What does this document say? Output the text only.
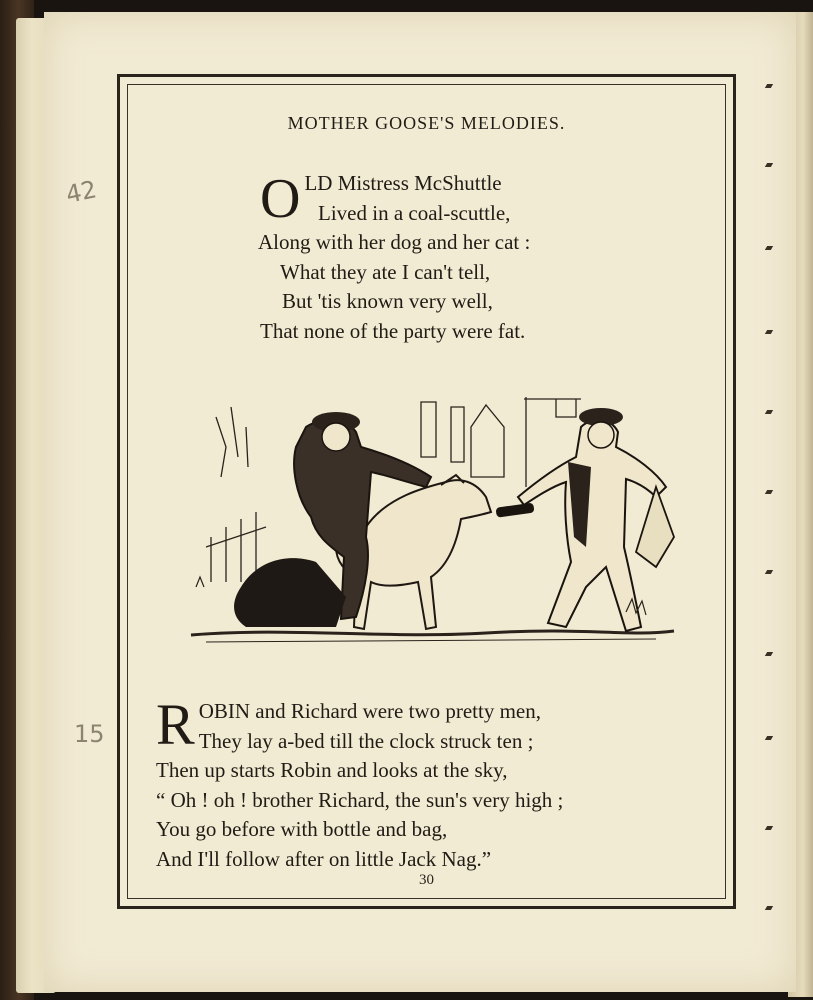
42
15
MOTHER GOOSE'S MELODIES.
OLD Mistress McShuttle
Lived in a coal-scuttle,
Along with her dog and her cat :
What they ate I can't tell,
But 'tis known very well,
That none of the party were fat.
ROBIN and Richard were two pretty men,
They lay a-bed till the clock struck ten ;
Then up starts Robin and looks at the sky,
“ Oh ! oh ! brother Richard, the sun's very high ;
You go before with bottle and bag,
And I'll follow after on little Jack Nag.”
30
